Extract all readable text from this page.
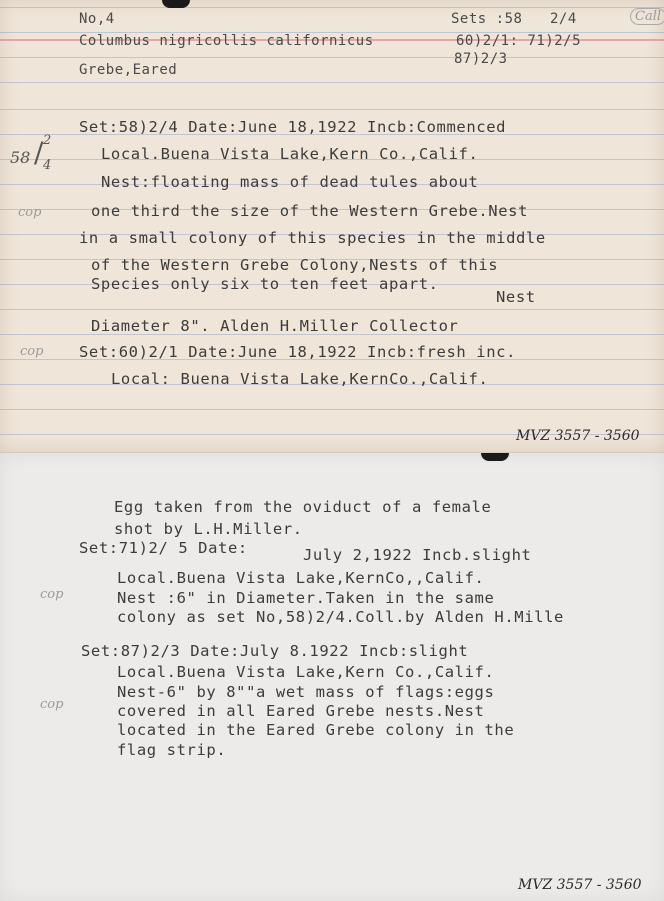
No,4
Columbus nigricollis californicus
Grebe,Eared
Sets :58 2/4
60)2/1: 71)2/5
87)2/3
Call
58
2
/ 4
cop
cop
Set:58)2/4 Date:June 18,1922 Incb:Commenced
Local.Buena Vista Lake,Kern Co.,Calif.
Nest:floating mass of dead tules about
one third the size of the Western Grebe.Nest
in a small colony of this species in the middle
of the Western Grebe Colony,Nests of this
Species only six to ten feet apart.
Nest
Diameter 8". Alden H.Miller Collector
Set:60)2/1 Date:June 18,1922 Incb:fresh inc.
Local: Buena Vista Lake,KernCo.,Calif.
MVZ 3557 - 3560
cop
cop
Egg taken from the oviduct of a female
shot by L.H.Miller.
Set:71)2/ 5 Date:	July 2,1922 Incb.slight
Local.Buena Vista Lake,KernCo,,Calif.
Nest :6" in Diameter.Taken in the same
colony as set No,58)2/4.Coll.by Alden H.Mille
Set:87)2/3 Date:July 8.1922 Incb:slight
Local.Buena Vista Lake,Kern Co.,Calif.
Nest-6" by 8""a wet mass of flags:eggs
covered in all Eared Grebe nests.Nest
located in the Eared Grebe colony in the
flag strip.
MVZ 3557 - 3560
